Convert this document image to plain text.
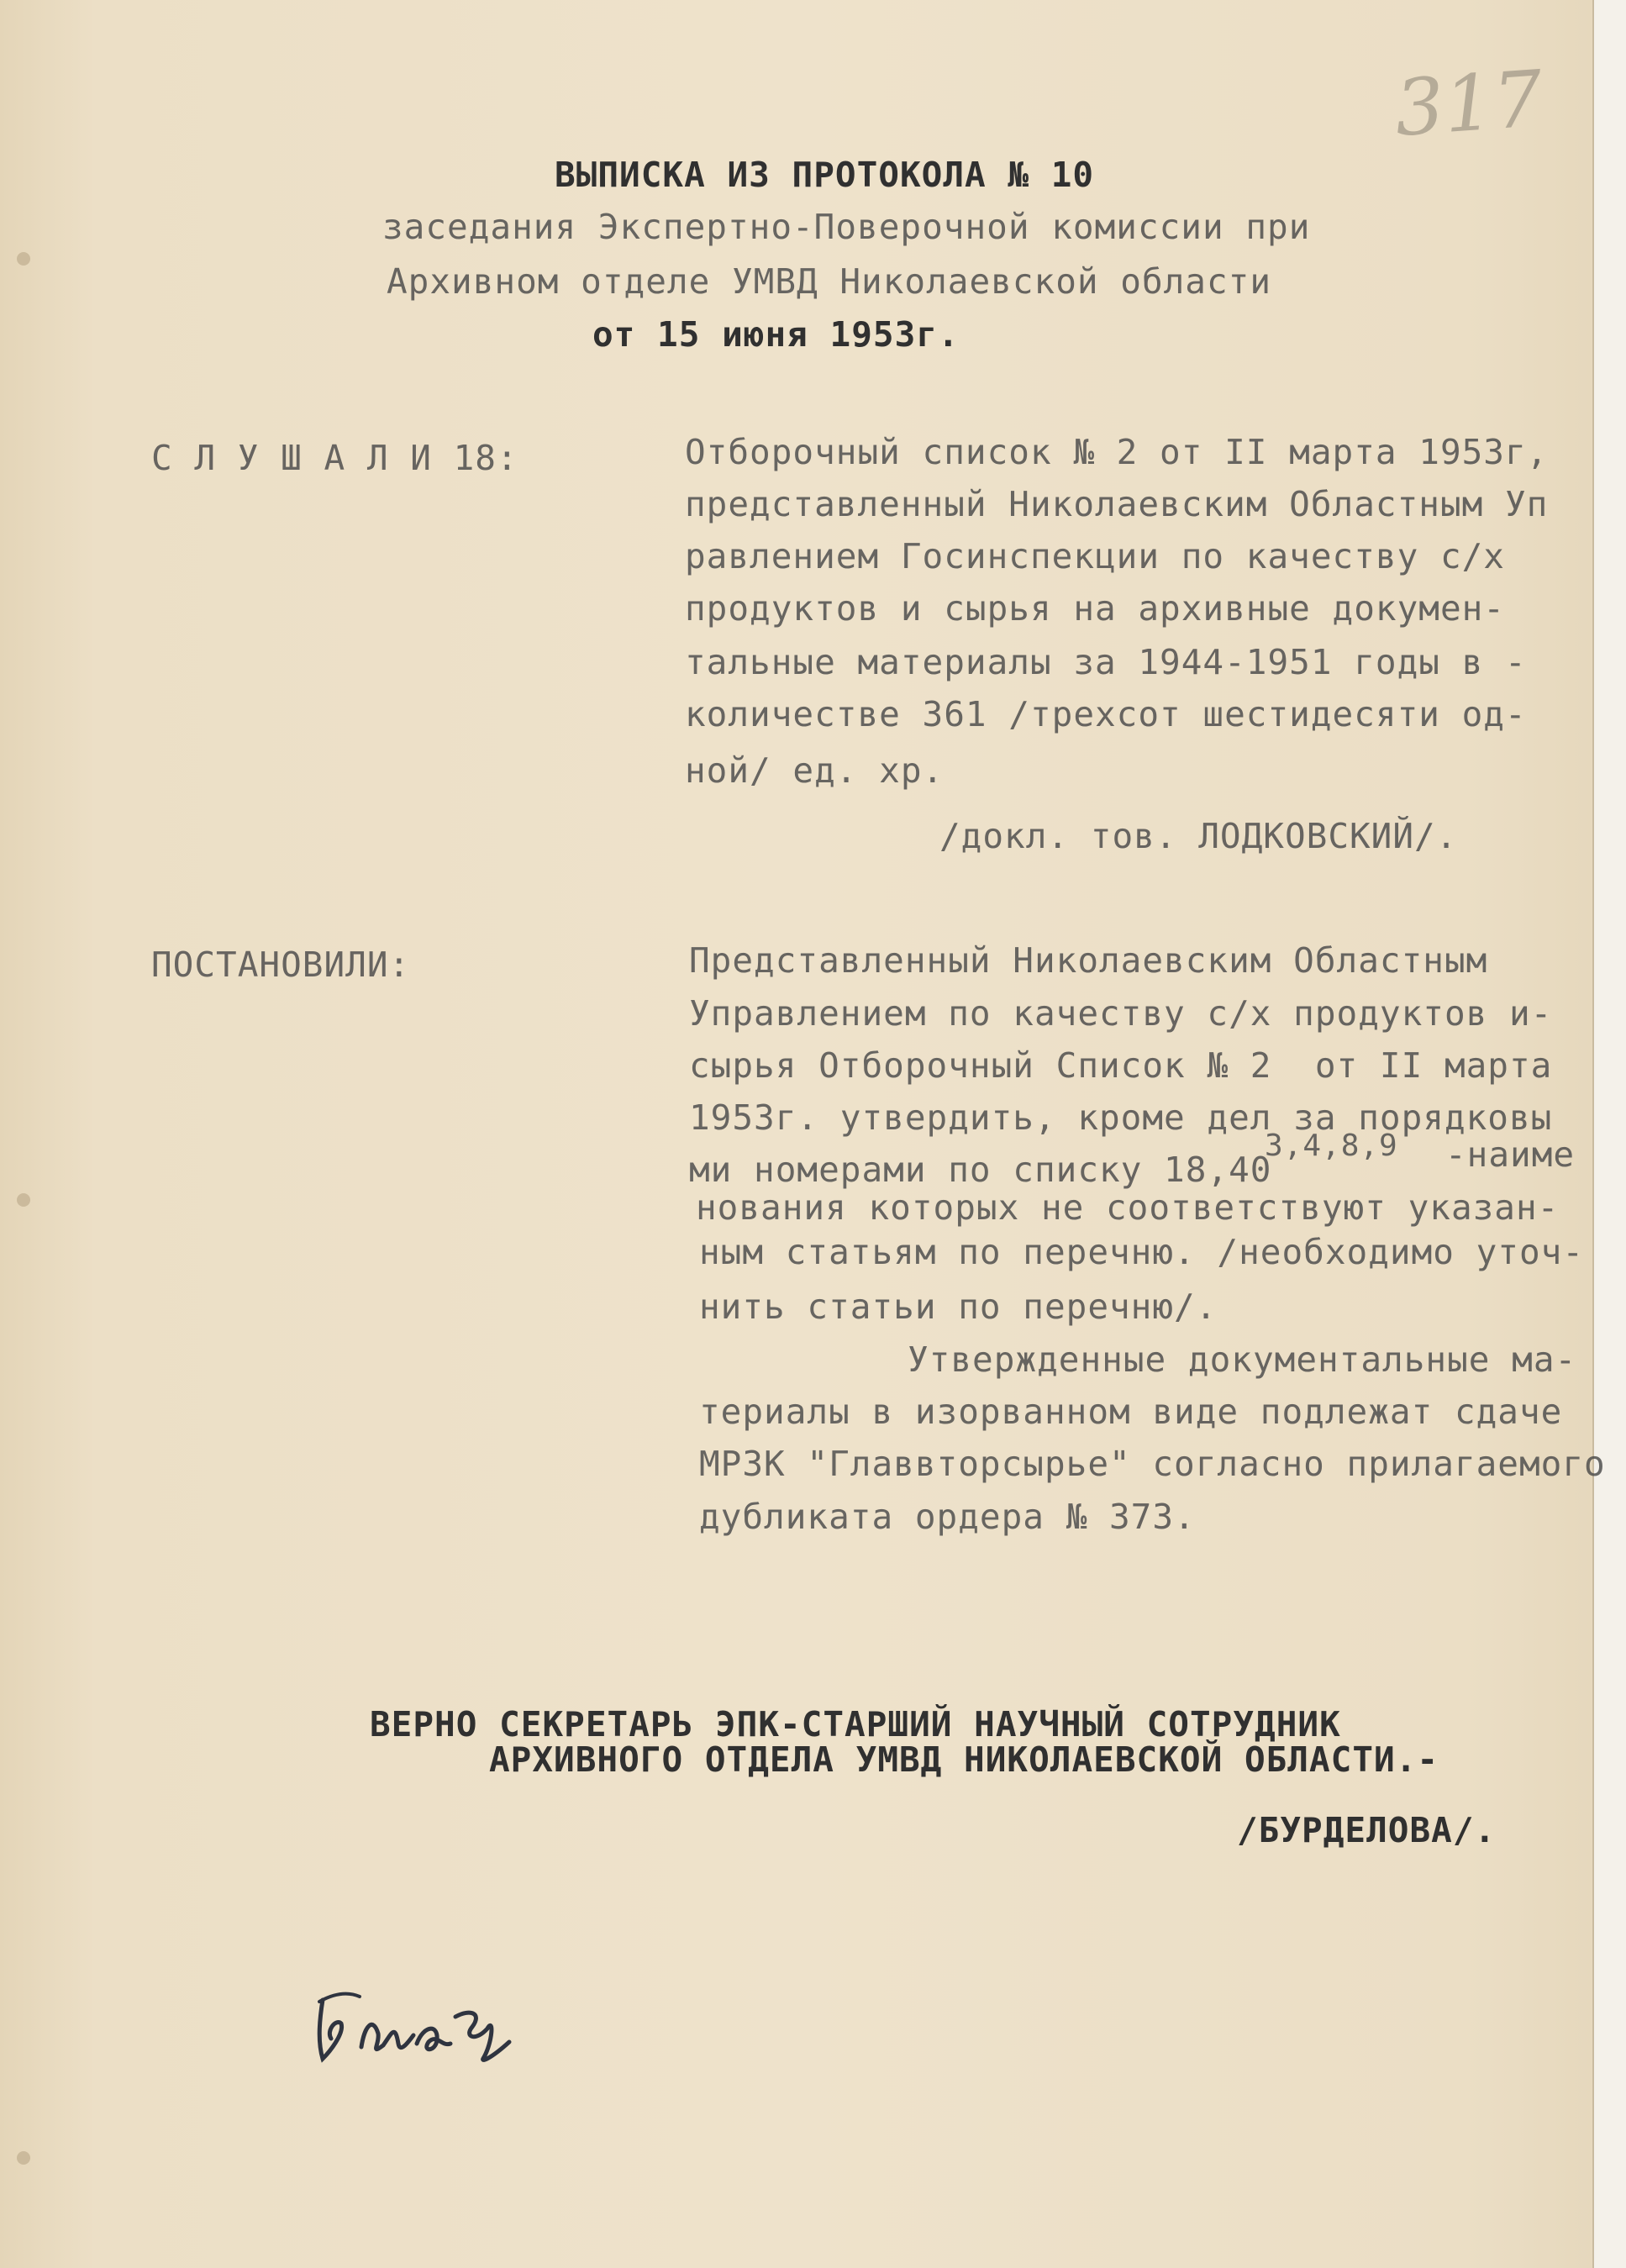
317
ВЫПИСКА ИЗ ПРОТОКОЛА № 10
заседания Экспертно-Поверочной комиссии при
Архивном отделе УМВД Николаевской области
от 15 июня 1953г.
С Л У Ш А Л И 18:	Отборочный список № 2 от II марта 1953г,
представленный Николаевским Областным Уп
равлением Госинспекции по качеству с/х
продуктов и сырья на архивные докумен-
тальные материалы за 1944-1951 годы в -
количестве 361 /трехсот шестидесяти од-
ной/ ед. хр.
/докл. тов. ЛОДКОВСКИЙ/.
ПОСТАНОВИЛИ:	Представленный Николаевским Областным
Управлением по качеству с/х продуктов и-
сырья Отборочный Список № 2  от II марта
1953г. утвердить, кроме дел за порядковы
ми номерами по списку 18,40
3,4,8,9 -наиме
нования которых не соответствуют указан-
ным статьям по перечню. /необходимо уточ-
нить статьи по перечню/.
Утвержденные документальные ма-
териалы в изорванном виде подлежат сдаче
МРЗК "Главвторсырье" согласно прилагаемого
дубликата ордера № 373.
ВЕРНО СЕКРЕТАРЬ ЭПК-СТАРШИЙ НАУЧНЫЙ СОТРУДНИК
АРХИВНОГО ОТДЕЛА УМВД НИКОЛАЕВСКОЙ ОБЛАСТИ.-
/БУРДЕЛОВА/.
